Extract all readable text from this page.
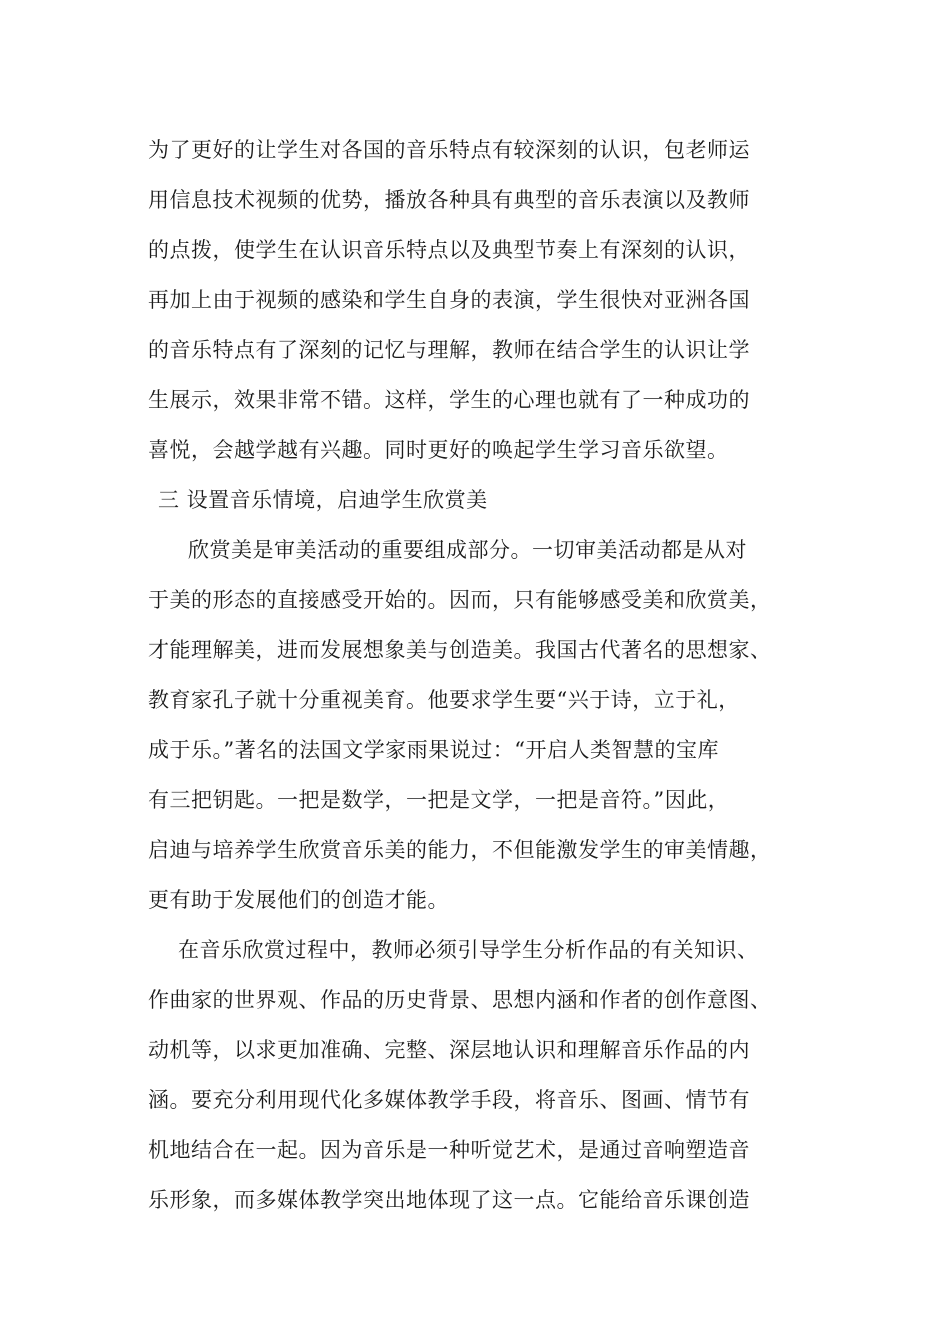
为了更好的让学生对各国的音乐特点有较深刻的认识，包老师运
用信息技术视频的优势，播放各种具有典型的音乐表演以及教师
的点拨，使学生在认识音乐特点以及典型节奏上有深刻的认识，
再加上由于视频的感染和学生自身的表演，学生很快对亚洲各国
的音乐特点有了深刻的记忆与理解，教师在结合学生的认识让学
生展示，效果非常不错。这样，学生的心理也就有了一种成功的
喜悦，会越学越有兴趣。同时更好的唤起学生学习音乐欲望。
三 设置音乐情境，启迪学生欣赏美
欣赏美是审美活动的重要组成部分。一切审美活动都是从对
于美的形态的直接感受开始的。因而，只有能够感受美和欣赏美，
才能理解美，进而发展想象美与创造美。我国古代著名的思想家、
教育家孔子就十分重视美育。他要求学生要“兴于诗，立于礼，
成于乐。”著名的法国文学家雨果说过：“开启人类智慧的宝库
有三把钥匙。一把是数学，一把是文学，一把是音符。”因此，
启迪与培养学生欣赏音乐美的能力，不但能激发学生的审美情趣，
更有助于发展他们的创造才能。
在音乐欣赏过程中，教师必须引导学生分析作品的有关知识、
作曲家的世界观、作品的历史背景、思想内涵和作者的创作意图、
动机等，以求更加准确、完整、深层地认识和理解音乐作品的内
涵。要充分利用现代化多媒体教学手段，将音乐、图画、情节有
机地结合在一起。因为音乐是一种听觉艺术，是通过音响塑造音
乐形象，而多媒体教学突出地体现了这一点。它能给音乐课创造
